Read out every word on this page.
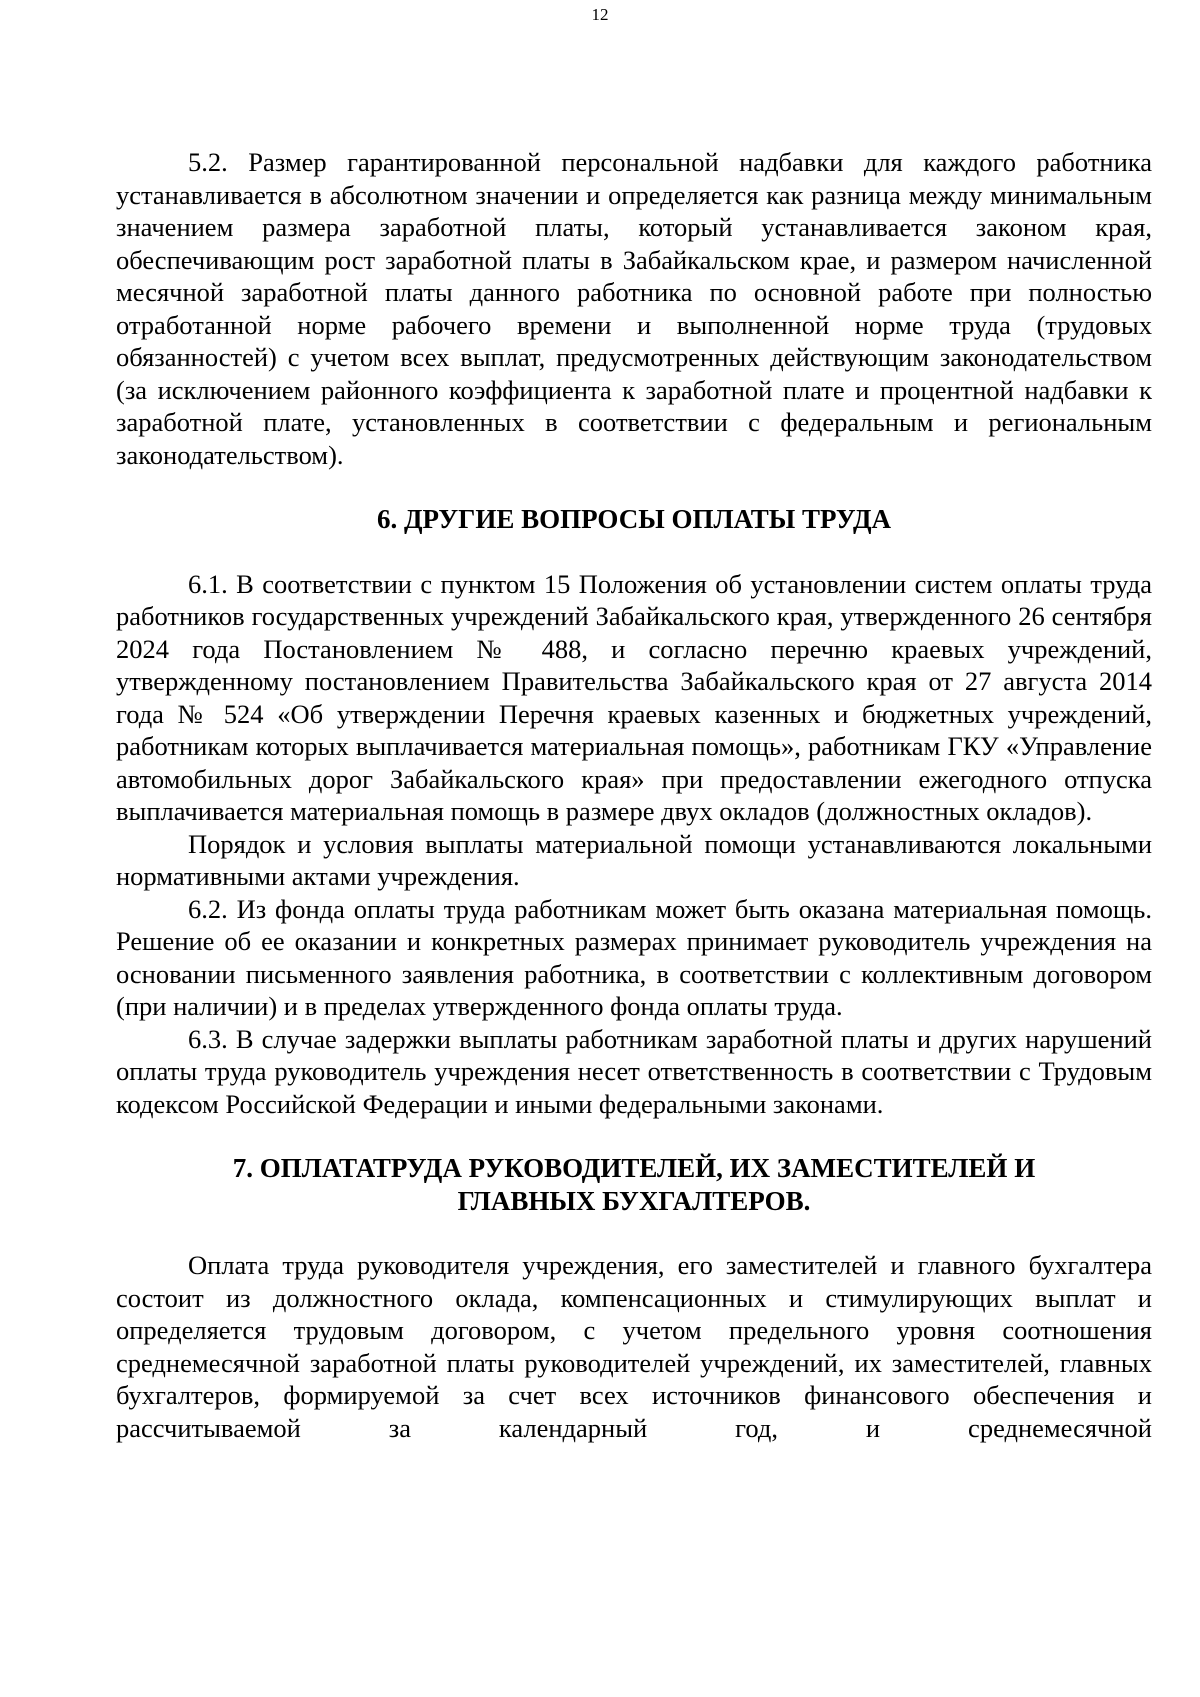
12

5.2. Размер гарантированной персональной надбавки для каждого работника устанавливается в абсолютном значении и определяется как разница между минимальным значением размера заработной платы, который устанавливается законом края, обеспечивающим рост заработной платы в Забайкальском крае, и размером начисленной месячной заработной платы данного работника по основной работе при полностью отработанной норме рабочего времени и выполненной норме труда (трудовых обязанностей) с учетом всех выплат, предусмотренных действующим законодательством (за исключением районного коэффициента к заработной плате и процентной надбавки к заработной плате, установленных в соответствии с федеральным и региональным законодательством).

6. ДРУГИЕ ВОПРОСЫ ОПЛАТЫ ТРУДА

6.1. В соответствии с пунктом 15 Положения об установлении систем оплаты труда работников государственных учреждений Забайкальского края, утвержденного 26 сентября 2024 года Постановлением № 488, и согласно перечню краевых учреждений, утвержденному постановлением Правительства Забайкальского края от 27 августа 2014 года № 524 «Об утверждении Перечня краевых казенных и бюджетных учреждений, работникам которых выплачивается материальная помощь», работникам ГКУ «Управление автомобильных дорог Забайкальского края» при предоставлении ежегодного отпуска выплачивается материальная помощь в размере двух окладов (должностных окладов).

Порядок и условия выплаты материальной помощи устанавливаются локальными нормативными актами учреждения.

6.2. Из фонда оплаты труда работникам может быть оказана материальная помощь. Решение об ее оказании и конкретных размерах принимает руководитель учреждения на основании письменного заявления работника, в соответствии с коллективным договором (при наличии) и в пределах утвержденного фонда оплаты труда.

6.3. В случае задержки выплаты работникам заработной платы и других нарушений оплаты труда руководитель учреждения несет ответственность в соответствии с Трудовым кодексом Российской Федерации и иными федеральными законами.

7. ОПЛАТАТРУДА РУКОВОДИТЕЛЕЙ, ИХ ЗАМЕСТИТЕЛЕЙ И
ГЛАВНЫХ БУХГАЛТЕРОВ.

Оплата труда руководителя учреждения, его заместителей и главного бухгалтера состоит из должностного оклада, компенсационных и стимулирующих выплат и определяется трудовым договором, с учетом предельного уровня соотношения среднемесячной заработной платы руководителей учреждений, их заместителей, главных бухгалтеров, формируемой за счет всех источников финансового обеспечения и рассчитываемой за календарный год, и среднемесячной
